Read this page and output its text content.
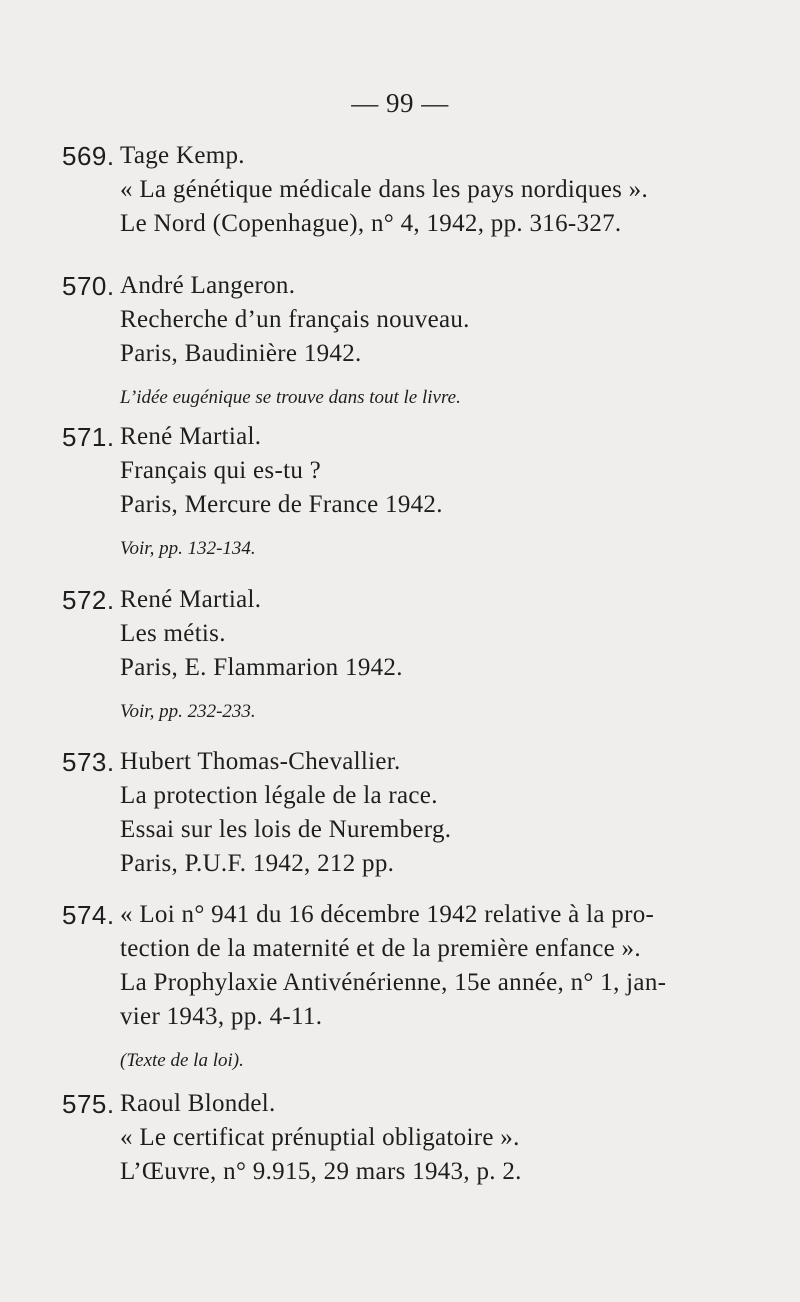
— 99 —
569. Tage Kemp.
« La génétique médicale dans les pays nordiques ».
Le Nord (Copenhague), n° 4, 1942, pp. 316-327.
570. André Langeron.
Recherche d’un français nouveau.
Paris, Baudinière 1942.
L’idée eugénique se trouve dans tout le livre.
571. René Martial.
Français qui es-tu ?
Paris, Mercure de France 1942.
Voir, pp. 132-134.
572. René Martial.
Les métis.
Paris, E. Flammarion 1942.
Voir, pp. 232-233.
573. Hubert Thomas-Chevallier.
La protection légale de la race.
Essai sur les lois de Nuremberg.
Paris, P.U.F. 1942, 212 pp.
574. « Loi n° 941 du 16 décembre 1942 relative à la pro-
tection de la maternité et de la première enfance ».
La Prophylaxie Antivénérienne, 15e année, n° 1, jan-
vier 1943, pp. 4-11.
(Texte de la loi).
575. Raoul Blondel.
« Le certificat prénuptial obligatoire ».
L’Œuvre, n° 9.915, 29 mars 1943, p. 2.
